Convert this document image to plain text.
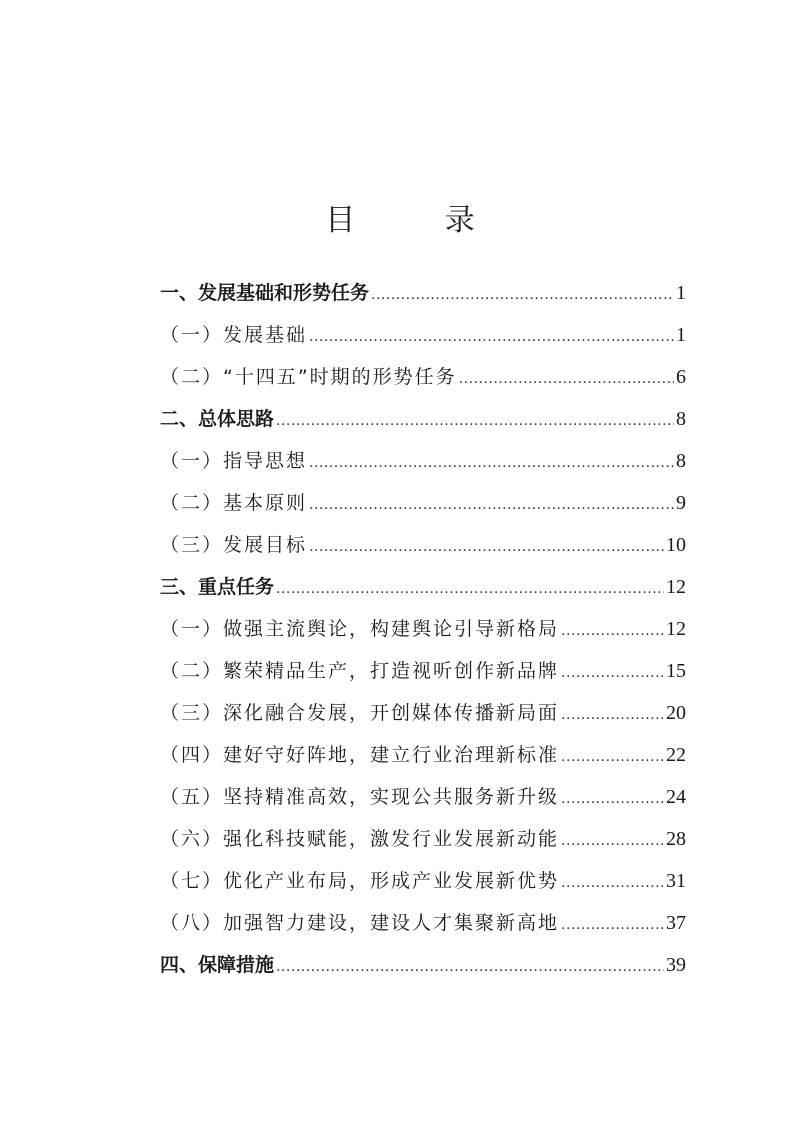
目 录
一、发展基础和形势任务 .....	1
（一）发展基础 .....	1
（二）“十四五”时期的形势任务 .....	6
二、总体思路 .....	8
（一）指导思想 .....	8
（二）基本原则 .....	9
（三）发展目标 .....	10
三、重点任务 .....	12
（一）做强主流舆论，构建舆论引导新格局 .....	12
（二）繁荣精品生产，打造视听创作新品牌 .....	15
（三）深化融合发展，开创媒体传播新局面 .....	20
（四）建好守好阵地，建立行业治理新标准 .....	22
（五）坚持精准高效，实现公共服务新升级 .....	24
（六）强化科技赋能，激发行业发展新动能 .....	28
（七）优化产业布局，形成产业发展新优势 .....	31
（八）加强智力建设，建设人才集聚新高地 .....	37
四、保障措施 .....	39
